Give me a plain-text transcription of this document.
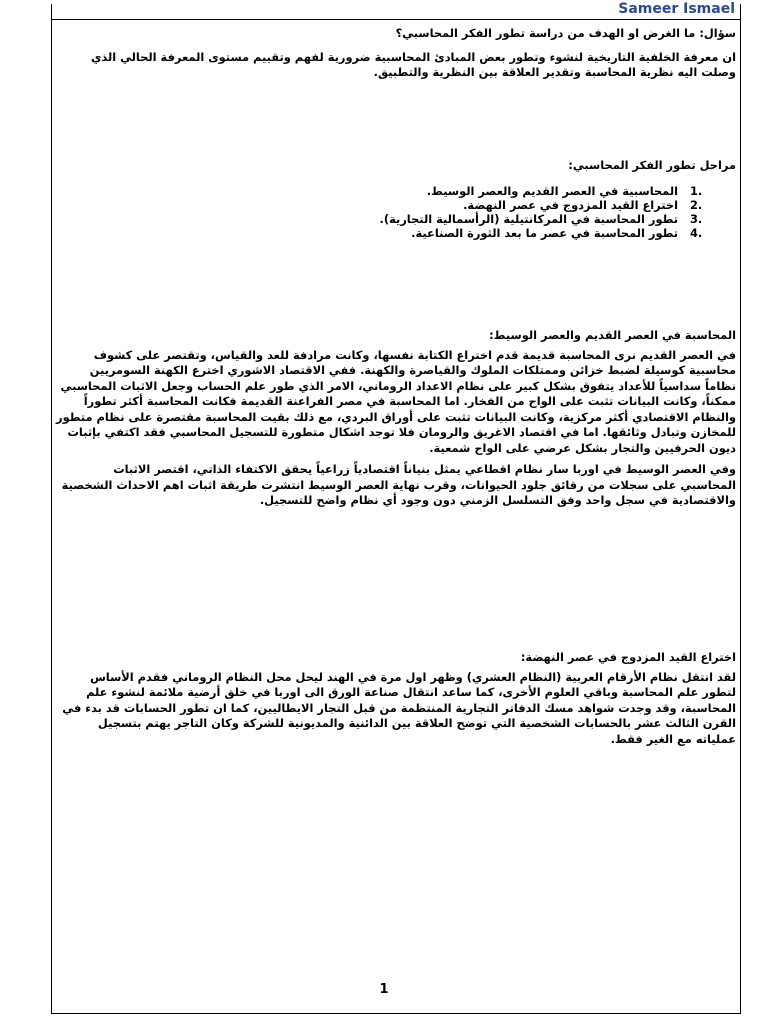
Sameer Ismael

سؤال: ما الغرض او الهدف من دراسة تطور الفكر المحاسبي؟

ان معرفة الخلفية التاريخية لنشوء وتطور بعض المبادئ المحاسبية ضرورية لفهم وتقييم مستوى المعرفة الحالي الذي وصلت اليه نظرية المحاسبة وتقدير العلاقة بين النظرية والتطبيق.

مراحل تطور الفكر المحاسبي:

1.
المحاسبية في العصر القديم والعصر الوسيط.
2.
اختراع القيد المزدوج في عصر النهضة.
3.
تطور المحاسبة في المركانتيلية (الرأسمالية التجارية).
4.
تطور المحاسبة في عصر ما بعد الثورة الصناعية.

المحاسبة في العصر القديم والعصر الوسيط:

في العصر القديم نرى المحاسبة قديمة قدم اختراع الكتابة نفسها، وكانت مرادفة للعد والقياس، وتقتصر على كشوف محاسبية كوسيلة لضبط خزائن وممتلكات الملوك والقياصرة والكهنة. ففي الاقتصاد الاشوري اخترع الكهنة السومريين نظاماً سداسياً للأعداد يتفوق بشكل كبير على نظام الاعداد الروماني، الامر الذي طور علم الحساب وجعل الاثبات المحاسبي ممكناً، وكانت البيانات تثبت على الواح من الفخار. اما المحاسبة في مصر الفراعنة القديمة فكانت المحاسبة أكثر تطوراً والنظام الاقتصادي أكثر مركزية، وكانت البيانات تثبت على أوراق البردي، مع ذلك بقيت المحاسبة مقتصرة على نظام متطور للمخازن وتبادل وثائقها. اما في اقتصاد الاغريق والرومان فلا توجد اشكال متطورة للتسجيل المحاسبي فقد اكتفي بإثبات ديون الحرفيين والتجار بشكل عرضي على الواح شمعية.

وفي العصر الوسيط في اوربا سار نظام اقطاعي يمثل بنياناً اقتصادياً زراعياً يحقق الاكتفاء الذاتي، اقتصر الاثبات المحاسبي على سجلات من رقائق جلود الحيوانات، وقرب نهاية العصر الوسيط انتشرت طريقة اثبات اهم الاحداث الشخصية والاقتصادية في سجل واحد وفق التسلسل الزمني دون وجود أي نظام واضح للتسجيل.

اختراع القيد المزدوج في عصر النهضة:

لقد انتقل نظام الأرقام العربية (النظام العشري) وظهر اول مرة في الهند ليحل محل النظام الروماني فقدم الأساس لتطور علم المحاسبة وباقي العلوم الأخرى، كما ساعد انتقال صناعة الورق الى اوربا في خلق أرضية ملائمة لنشوء علم المحاسبة، وقد وجدت شواهد مسك الدفاتر التجارية المنتظمة من قبل التجار الايطاليين، كما ان تطور الحسابات قد بدء في القرن الثالث عشر بالحسابات الشخصية التي توضح العلاقة بين الدائنية والمديونية للشركة وكان التاجر يهتم بتسجيل عملياته مع الغير فقط.

1
